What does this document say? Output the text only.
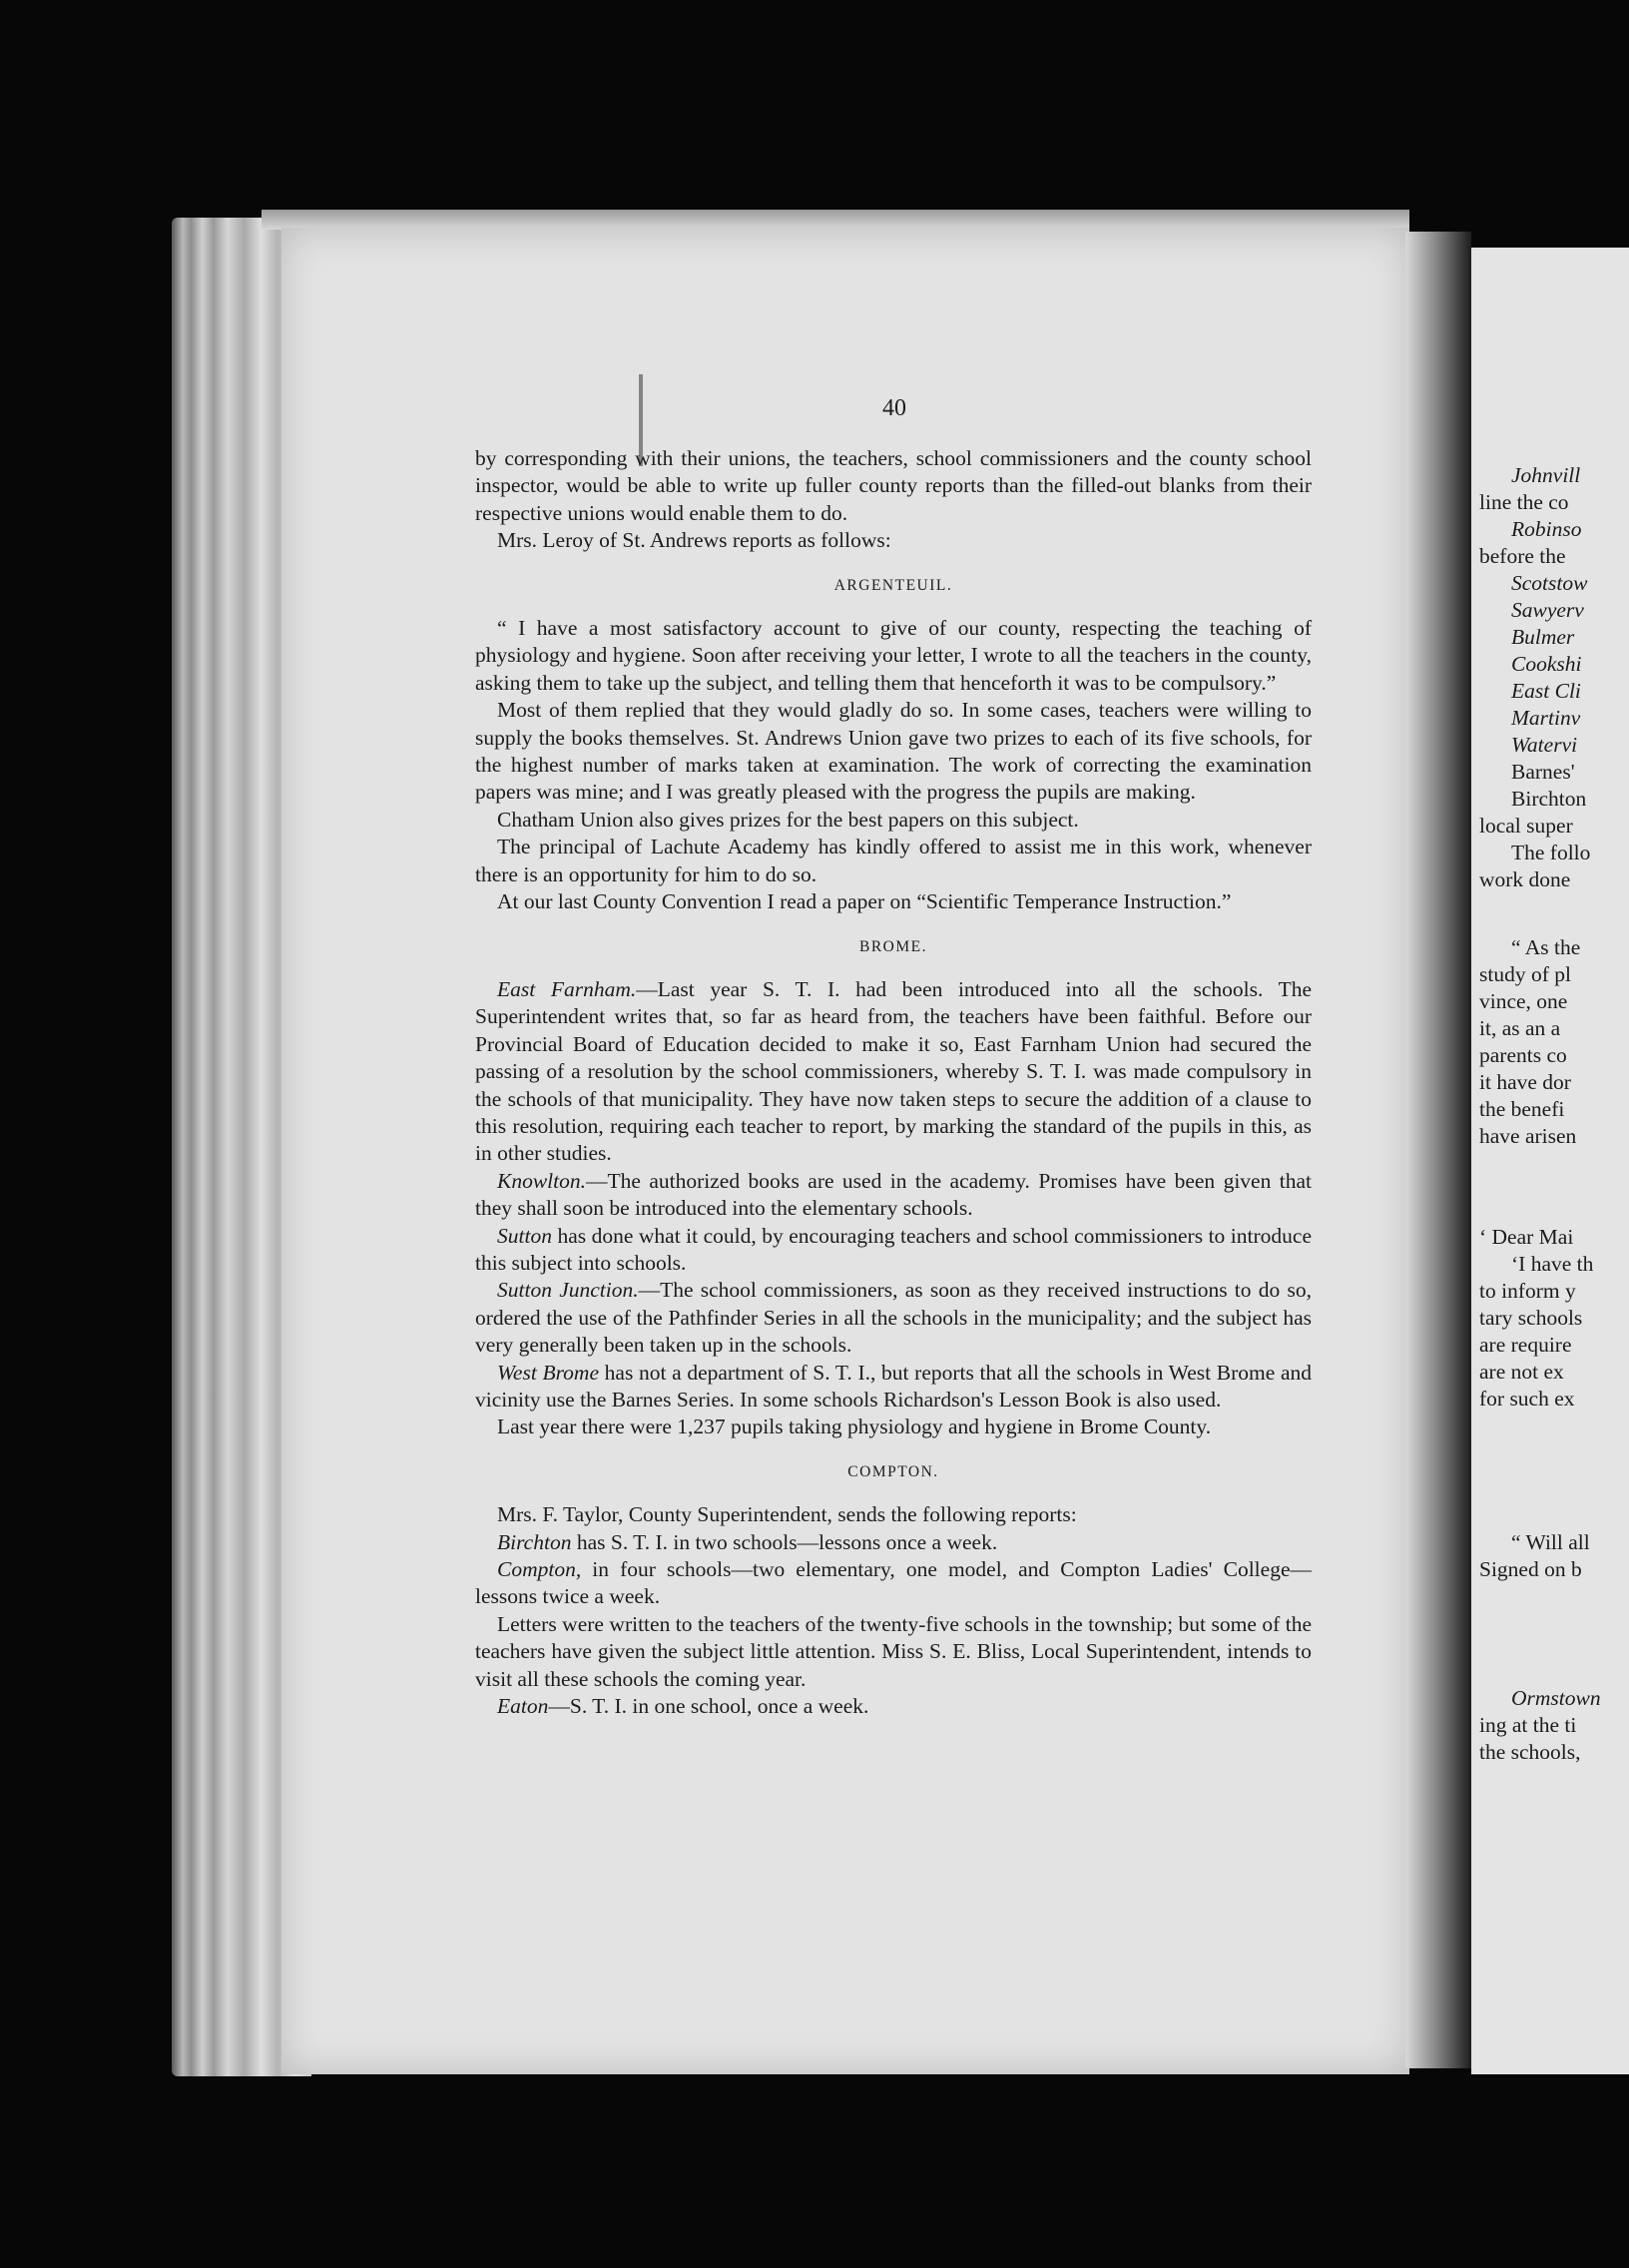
40

by corresponding with their unions, the teachers, school commissioners and the county school inspector, would be able to write up fuller county reports than the filled-out blanks from their respective unions would enable them to do.

Mrs. Leroy of St. Andrews reports as follows:

ARGENTEUIL.

“ I have a most satisfactory account to give of our county, respecting the teaching of physiology and hygiene. Soon after receiving your letter, I wrote to all the teachers in the county, asking them to take up the subject, and telling them that henceforth it was to be compulsory.”

Most of them replied that they would gladly do so. In some cases, teachers were willing to supply the books themselves. St. Andrews Union gave two prizes to each of its five schools, for the highest number of marks taken at examination. The work of correcting the examination papers was mine; and I was greatly pleased with the progress the pupils are making.

Chatham Union also gives prizes for the best papers on this subject.

The principal of Lachute Academy has kindly offered to assist me in this work, whenever there is an opportunity for him to do so.

At our last County Convention I read a paper on “Scientific Temperance Instruction.”

BROME.

East Farnham.—Last year S. T. I. had been introduced into all the schools. The Superintendent writes that, so far as heard from, the teachers have been faithful. Before our Provincial Board of Education decided to make it so, East Farnham Union had secured the passing of a resolution by the school commissioners, whereby S. T. I. was made compulsory in the schools of that municipality. They have now taken steps to secure the addition of a clause to this resolution, requiring each teacher to report, by marking the standard of the pupils in this, as in other studies.

Knowlton.—The authorized books are used in the academy. Promises have been given that they shall soon be introduced into the elementary schools.

Sutton has done what it could, by encouraging teachers and school commissioners to introduce this subject into schools.

Sutton Junction.—The school commissioners, as soon as they received instructions to do so, ordered the use of the Pathfinder Series in all the schools in the municipality; and the subject has very generally been taken up in the schools.

West Brome has not a department of S. T. I., but reports that all the schools in West Brome and vicinity use the Barnes Series. In some schools Richardson's Lesson Book is also used.

Last year there were 1,237 pupils taking physiology and hygiene in Brome County.

COMPTON.

Mrs. F. Taylor, County Superintendent, sends the following reports:

Birchton has S. T. I. in two schools—lessons once a week.

Compton, in four schools—two elementary, one model, and Compton Ladies' College—lessons twice a week.

Letters were written to the teachers of the twenty-five schools in the township; but some of the teachers have given the subject little attention. Miss S. E. Bliss, Local Superintendent, intends to visit all these schools the coming year.

Eaton—S. T. I. in one school, once a week.

Johnvill
line the co
Robinso
before the
Scotstow
Sawyerv
Bulmer
Cookshi
East Cli
Martinv
Watervi
Barnes'
Birchton
local super
The follo
work done
“ As the
study of pl
vince, one
it, as an a
parents co
it have dor
the benefi
have arisen
‘ Dear Mai
‘I have th
to inform y
tary schools
are require
are not ex
for such ex
“ Will all
Signed on b
Ormstown
ing at the ti
the schools,
